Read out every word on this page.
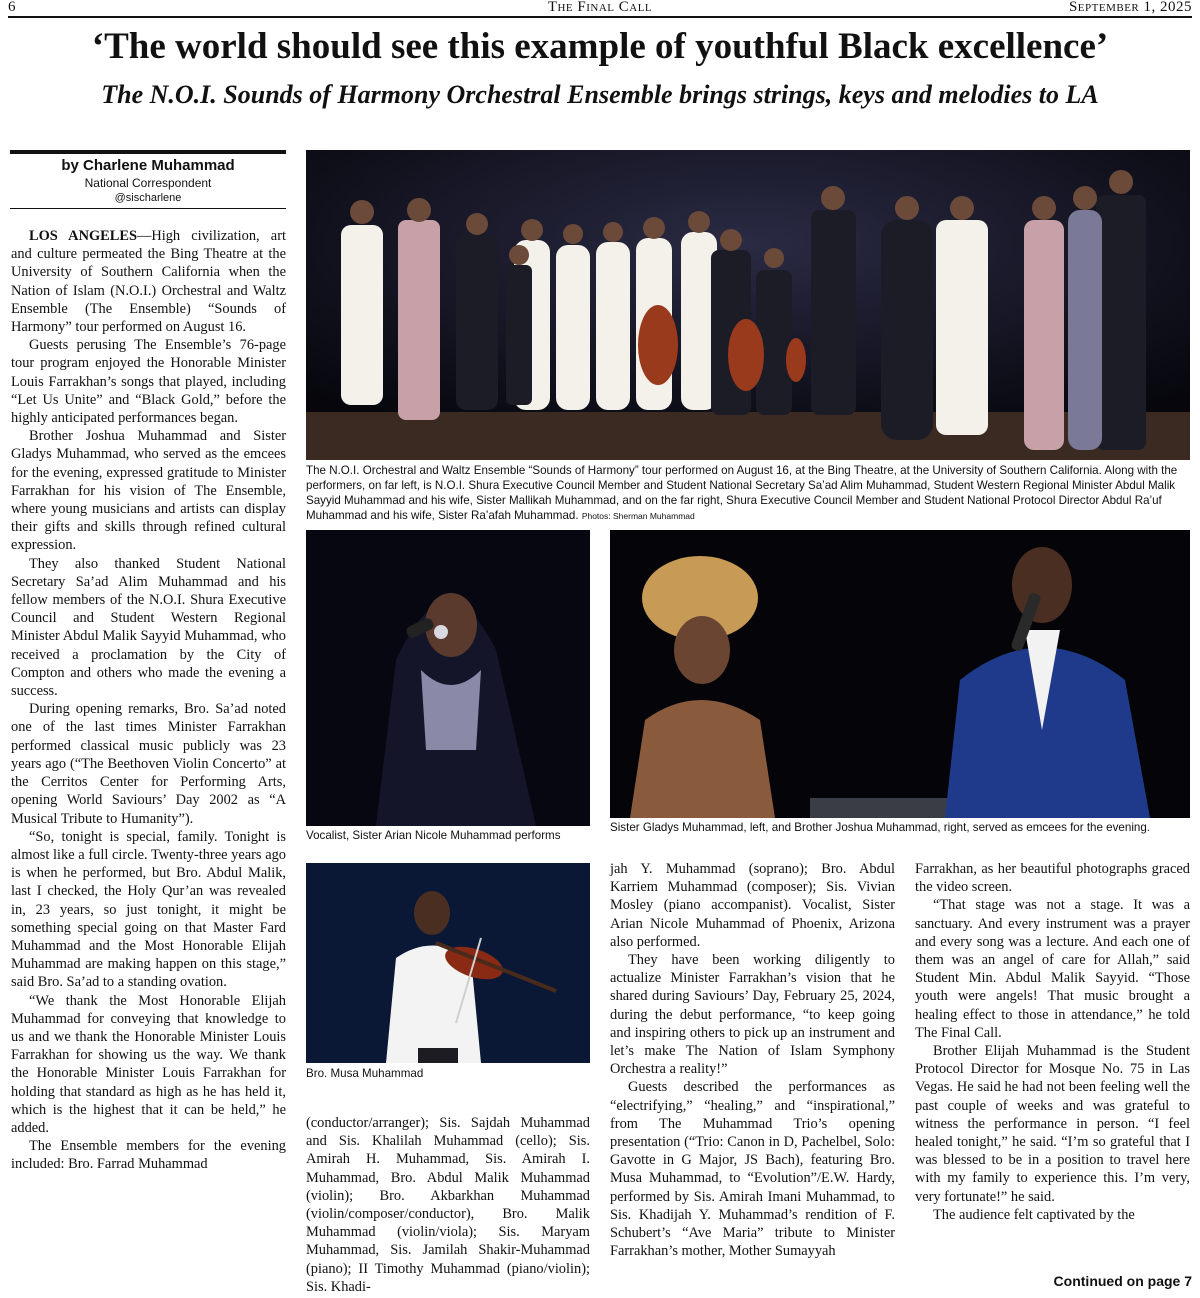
6	The Final Call	September 1, 2025
‘The world should see this example of youthful Black excellence’
The N.O.I. Sounds of Harmony Orchestral Ensemble brings strings, keys and melodies to LA
by Charlene Muhammad
National Correspondent
@sischarlene

LOS ANGELES—High civilization, art and culture permeated the Bing Theatre at the University of Southern California when the Nation of Islam (N.O.I.) Orchestral and Waltz Ensemble (The Ensemble) “Sounds of Harmony” tour performed on August 16.

Guests perusing The Ensemble’s 76-page tour program enjoyed the Honorable Minister Louis Farrakhan’s songs that played, including “Let Us Unite” and “Black Gold,” before the highly anticipated performances began.

Brother Joshua Muhammad and Sister Gladys Muhammad, who served as the emcees for the evening, expressed gratitude to Minister Farrakhan for his vision of The Ensemble, where young musicians and artists can display their gifts and skills through refined cultural expression.

They also thanked Student National Secretary Sa’ad Alim Muhammad and his fellow members of the N.O.I. Shura Executive Council and Student Western Regional Minister Abdul Malik Sayyid Muhammad, who received a proclamation by the City of Compton and others who made the evening a success.

During opening remarks, Bro. Sa’ad noted one of the last times Minister Farrakhan performed classical music publicly was 23 years ago (“The Beethoven Violin Concerto” at the Cerritos Center for Performing Arts, opening World Saviours’ Day 2002 as “A Musical Tribute to Humanity”).

“So, tonight is special, family. Tonight is almost like a full circle. Twenty-three years ago is when he performed, but Bro. Abdul Malik, last I checked, the Holy Qur’an was revealed in, 23 years, so just tonight, it might be something special going on that Master Fard Muhammad and the Most Honorable Elijah Muhammad are making happen on this stage,” said Bro. Sa’ad to a standing ovation.

“We thank the Most Honorable Elijah Muhammad for conveying that knowledge to us and we thank the Honorable Minister Louis Farrakhan for showing us the way. We thank the Honorable Minister Louis Farrakhan for holding that standard as high as he has held it, which is the highest that it can be held,” he added.

The Ensemble members for the evening included: Bro. Farrad Muhammad

The N.O.I. Orchestral and Waltz Ensemble “Sounds of Harmony” tour performed on August 16, at the Bing Theatre, at the University of Southern California. Along with the performers, on far left, is N.O.I. Shura Executive Council Member and Student National Secretary Sa’ad Alim Muhammad, Student Western Regional Minister Abdul Malik Sayyid Muhammad and his wife, Sister Mallikah Muhammad, and on the far right, Shura Executive Council Member and Student National Protocol Director Abdul Ra’uf Muhammad and his wife, Sister Ra’afah Muhammad. Photos: Sherman Muhammad
Vocalist, Sister Arian Nicole Muhammad performs
Sister Gladys Muhammad, left, and Brother Joshua Muhammad, right, served as emcees for the evening.
Bro. Musa Muhammad

(conductor/arranger); Sis. Sajdah Muhammad and Sis. Khalilah Muhammad (cello); Sis. Amirah H. Muhammad, Sis. Amirah I. Muhammad, Bro. Abdul Malik Muhammad (violin); Bro. Akbarkhan Muhammad (violin/composer/conductor), Bro. Malik Muhammad (violin/viola); Sis. Maryam Muhammad, Sis. Jamilah Shakir-Muhammad (piano); II Timothy Muhammad (piano/violin); Sis. Khadi-

jah Y. Muhammad (soprano); Bro. Abdul Karriem Muhammad (composer); Sis. Vivian Mosley (piano accompanist). Vocalist, Sister Arian Nicole Muhammad of Phoenix, Arizona also performed.

They have been working diligently to actualize Minister Farrakhan’s vision that he shared during Saviours’ Day, February 25, 2024, during the debut performance, “to keep going and inspiring others to pick up an instrument and let’s make The Nation of Islam Symphony Orchestra a reality!”

Guests described the performances as “electrifying,” “healing,” and “inspirational,” from The Muhammad Trio’s opening presentation (“Trio: Canon in D, Pachelbel, Solo: Gavotte in G Major, JS Bach), featuring Bro. Musa Muhammad, to “Evolution”/E.W. Hardy, performed by Sis. Amirah Imani Muhammad, to Sis. Khadijah Y. Muhammad’s rendition of F. Schubert’s “Ave Maria” tribute to Minister Farrakhan’s mother, Mother Sumayyah

Farrakhan, as her beautiful photographs graced the video screen.

“That stage was not a stage. It was a sanctuary. And every instrument was a prayer and every song was a lecture. And each one of them was an angel of care for Allah,” said Student Min. Abdul Malik Sayyid. “Those youth were angels! That music brought a healing effect to those in attendance,” he told The Final Call.

Brother Elijah Muhammad is the Student Protocol Director for Mosque No. 75 in Las Vegas. He said he had not been feeling well the past couple of weeks and was grateful to witness the performance in person. “I feel healed tonight,” he said. “I’m so grateful that I was blessed to be in a position to travel here with my family to experience this. I’m very, very fortunate!” he said.

The audience felt captivated by the

Continued on page 7
